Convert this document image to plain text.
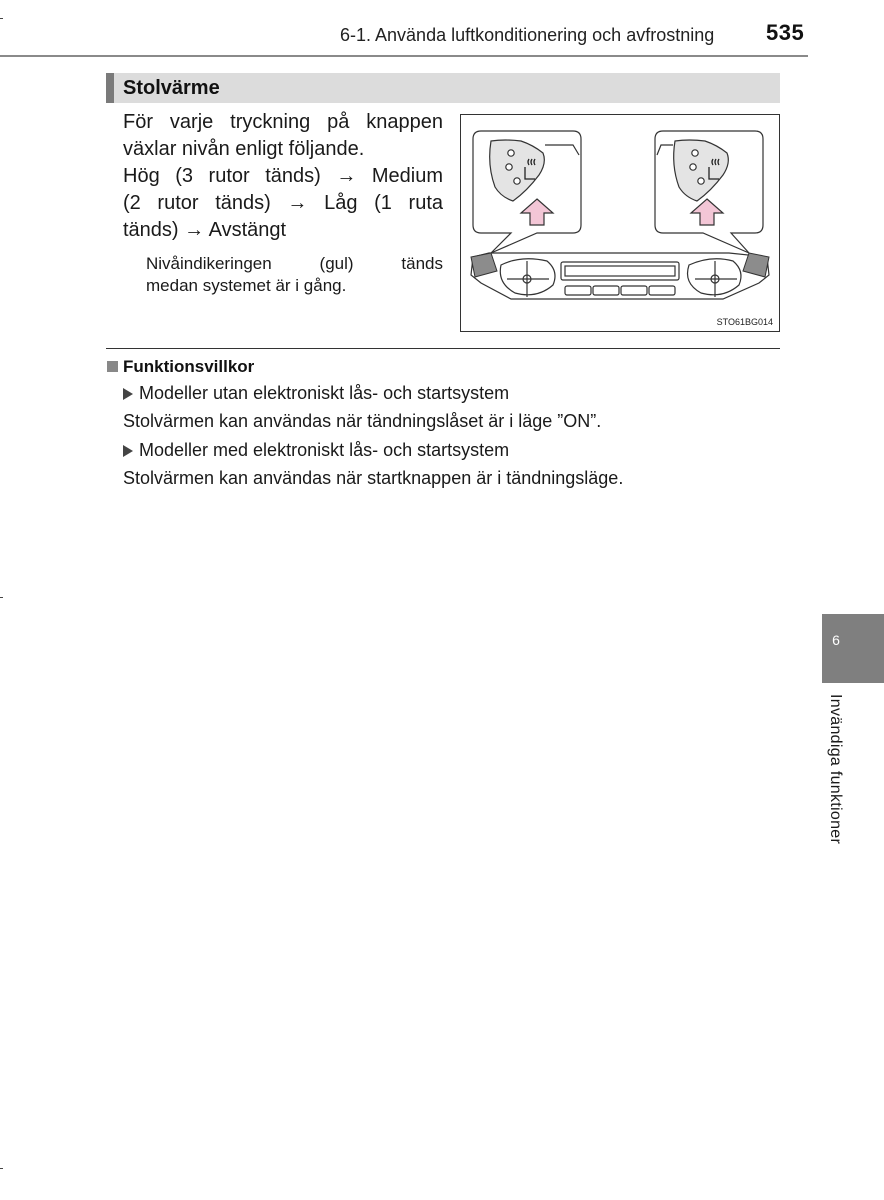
6-1. Använda luftkonditionering och avfrostning 535
Stolvärme
För varje tryckning på knappen
växlar nivån enligt följande.
Hög (3 rutor tänds) → Medium
(2 rutor tänds) → Låg (1 ruta
tänds) → Avstängt
Nivåindikeringen (gul) tänds
medan systemet är i gång.
STO61BG014
Funktionsvillkor
Modeller utan elektroniskt lås- och startsystem
Stolvärmen kan användas när tändningslåset är i läge ”ON”.
Modeller med elektroniskt lås- och startsystem
Stolvärmen kan användas när startknappen är i tändningsläge.
6
Invändiga funktioner
